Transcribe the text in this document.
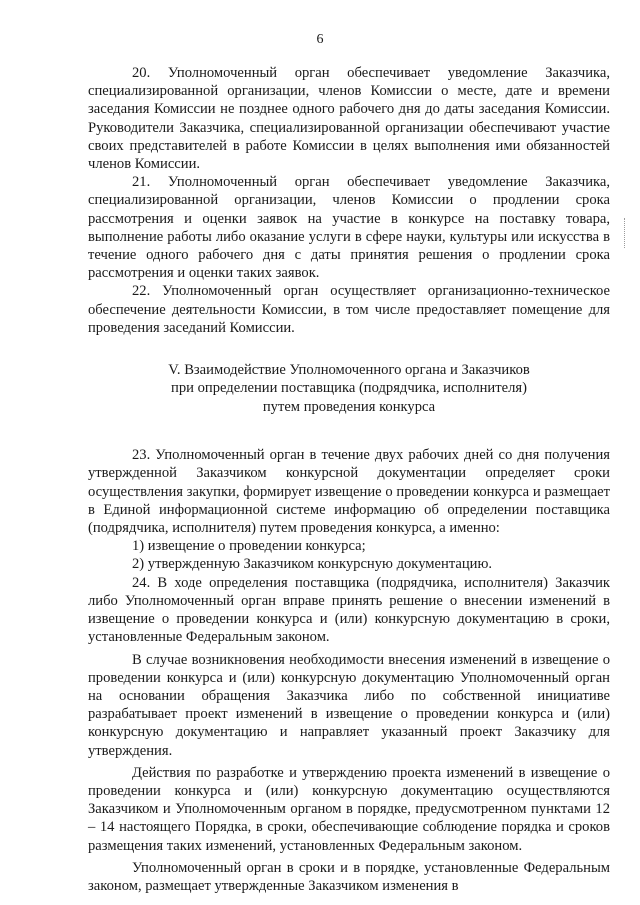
6

20. Уполномоченный орган обеспечивает уведомление Заказчика, специализированной организации, членов Комиссии о месте, дате и времени заседания Комиссии не позднее одного рабочего дня до даты заседания Комиссии. Руководители Заказчика, специализированной организации обеспечивают участие своих представителей в работе Комиссии в целях выполнения ими обязанностей членов Комиссии.

21. Уполномоченный орган обеспечивает уведомление Заказчика, специализированной организации, членов Комиссии о продлении срока рассмотрения и оценки заявок на участие в конкурсе на поставку товара, выполнение работы либо оказание услуги в сфере науки, культуры или искусства в течение одного рабочего дня с даты принятия решения о продлении срока рассмотрения и оценки таких заявок.

22. Уполномоченный орган осуществляет организационно-техническое обеспечение деятельности Комиссии, в том числе предоставляет помещение для проведения заседаний Комиссии.

V. Взаимодействие Уполномоченного органа и Заказчиков
при определении поставщика (подрядчика, исполнителя)
путем проведения конкурса

23. Уполномоченный орган в течение двух рабочих дней со дня получения утвержденной Заказчиком конкурсной документации определяет сроки осуществления закупки, формирует извещение о проведении конкурса и размещает в Единой информационной системе информацию об определении поставщика (подрядчика, исполнителя) путем проведения конкурса, а именно:

1) извещение о проведении конкурса;

2) утвержденную Заказчиком конкурсную документацию.

24. В ходе определения поставщика (подрядчика, исполнителя) Заказчик либо Уполномоченный орган вправе принять решение о внесении изменений в извещение о проведении конкурса и (или) конкурсную документацию в сроки, установленные Федеральным законом.

В случае возникновения необходимости внесения изменений в извещение о проведении конкурса и (или) конкурсную документацию Уполномоченный орган на основании обращения Заказчика либо по собственной инициативе разрабатывает проект изменений в извещение о проведении конкурса и (или) конкурсную документацию и направляет указанный проект Заказчику для утверждения.

Действия по разработке и утверждению проекта изменений в извещение о проведении конкурса и (или) конкурсную документацию осуществляются Заказчиком и Уполномоченным органом в порядке, предусмотренном пунктами 12 – 14 настоящего Порядка, в сроки, обеспечивающие соблюдение порядка и сроков размещения таких изменений, установленных Федеральным законом.

Уполномоченный орган в сроки и в порядке, установленные Федеральным законом, размещает утвержденные Заказчиком изменения в
